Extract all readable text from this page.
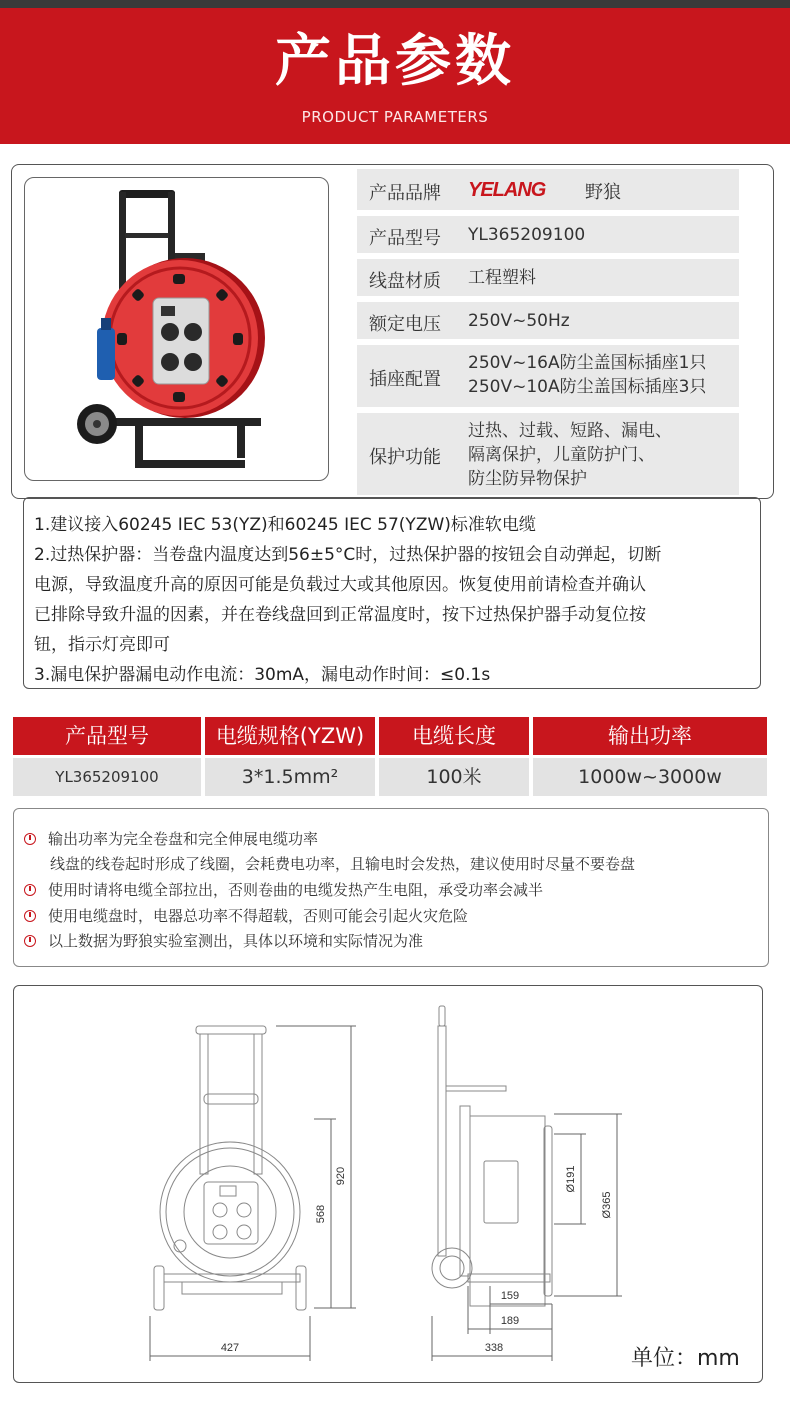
产品参数
PRODUCT PARAMETERS
产品品牌 YELANG 野狼
产品型号 YL365209100
线盘材质 工程塑料
额定电压 250V~50Hz
插座配置
250V~16A防尘盖国标插座1只
250V~10A防尘盖国标插座3只
保护功能
过热、过载、短路、漏电、
隔离保护，儿童防护门、
防尘防异物保护

1.建议接入60245 IEC 53(YZ)和60245 IEC 57(YZW)标准软电缆

2.过热保护器：当卷盘内温度达到56±5°C时，过热保护器的按钮会自动弹起，切断

电源，导致温度升高的原因可能是负载过大或其他原因。恢复使用前请检查并确认

已排除导致升温的因素，并在卷线盘回到正常温度时，按下过热保护器手动复位按

钮，指示灯亮即可

3.漏电保护器漏电动作电流：30mA，漏电动作时间：≤0.1s

产品型号	电缆规格(YZW)	电缆长度	输出功率
YL365209100	3*1.5mm²	100米	1000w~3000w
输出功率为完全卷盘和完全伸展电缆功率
线盘的线卷起时形成了线圈，会耗费电功率，且输电时会发热，建议使用时尽量不要卷盘
使用时请将电缆全部拉出，否则卷曲的电缆发热产生电阻，承受功率会减半
使用电缆盘时，电器总功率不得超载，否则可能会引起火灾危险
以上数据为野狼实验室测出，具体以环境和实际情况为准
920
568
427	338
159
189
Ø191
Ø365
单位：mm
